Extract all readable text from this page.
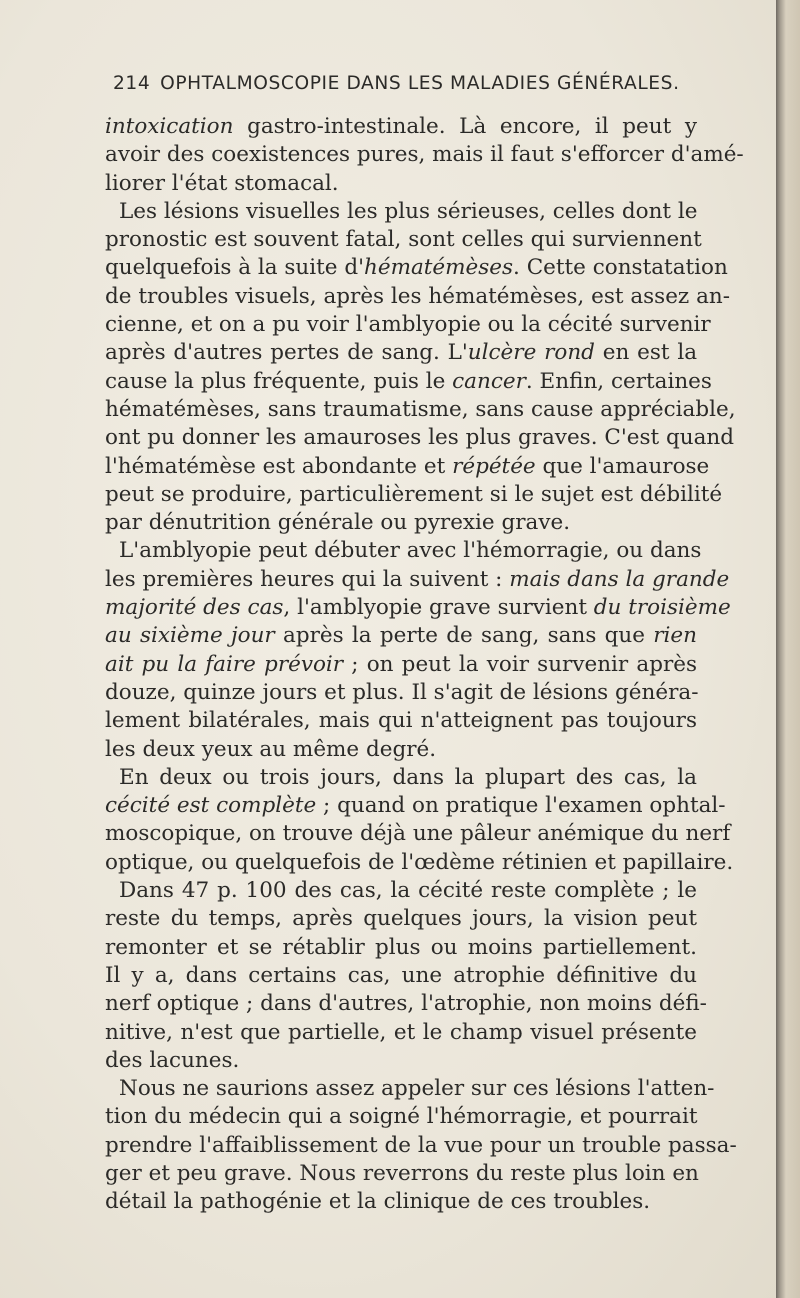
214 OPHTALMOSCOPIE DANS LES MALADIES GÉNÉRALES.
intoxication gastro-intestinale. Là encore, il peut y
avoir des coexistences pures, mais il faut s'efforcer d'amé-
liorer l'état stomacal.
Les lésions visuelles les plus sérieuses, celles dont le
pronostic est souvent fatal, sont celles qui surviennent
quelquefois à la suite d'hématémèses. Cette constatation
de troubles visuels, après les hématémèses, est assez an-
cienne, et on a pu voir l'amblyopie ou la cécité survenir
après d'autres pertes de sang. L'ulcère rond en est la
cause la plus fréquente, puis le cancer. Enfin, certaines
hématémèses, sans traumatisme, sans cause appréciable,
ont pu donner les amauroses les plus graves. C'est quand
l'hématémèse est abondante et répétée que l'amaurose
peut se produire, particulièrement si le sujet est débilité
par dénutrition générale ou pyrexie grave.
L'amblyopie peut débuter avec l'hémorragie, ou dans
les premières heures qui la suivent : mais dans la grande
majorité des cas, l'amblyopie grave survient du troisième
au sixième jour après la perte de sang, sans que rien
ait pu la faire prévoir ; on peut la voir survenir après
douze, quinze jours et plus. Il s'agit de lésions généra-
lement bilatérales, mais qui n'atteignent pas toujours
les deux yeux au même degré.
En deux ou trois jours, dans la plupart des cas, la
cécité est complète ; quand on pratique l'examen ophtal-
moscopique, on trouve déjà une pâleur anémique du nerf
optique, ou quelquefois de l'œdème rétinien et papillaire.
Dans 47 p. 100 des cas, la cécité reste complète ; le
reste du temps, après quelques jours, la vision peut
remonter et se rétablir plus ou moins partiellement.
Il y a, dans certains cas, une atrophie définitive du
nerf optique ; dans d'autres, l'atrophie, non moins défi-
nitive, n'est que partielle, et le champ visuel présente
des lacunes.
Nous ne saurions assez appeler sur ces lésions l'atten-
tion du médecin qui a soigné l'hémorragie, et pourrait
prendre l'affaiblissement de la vue pour un trouble passa-
ger et peu grave. Nous reverrons du reste plus loin en
détail la pathogénie et la clinique de ces troubles.
